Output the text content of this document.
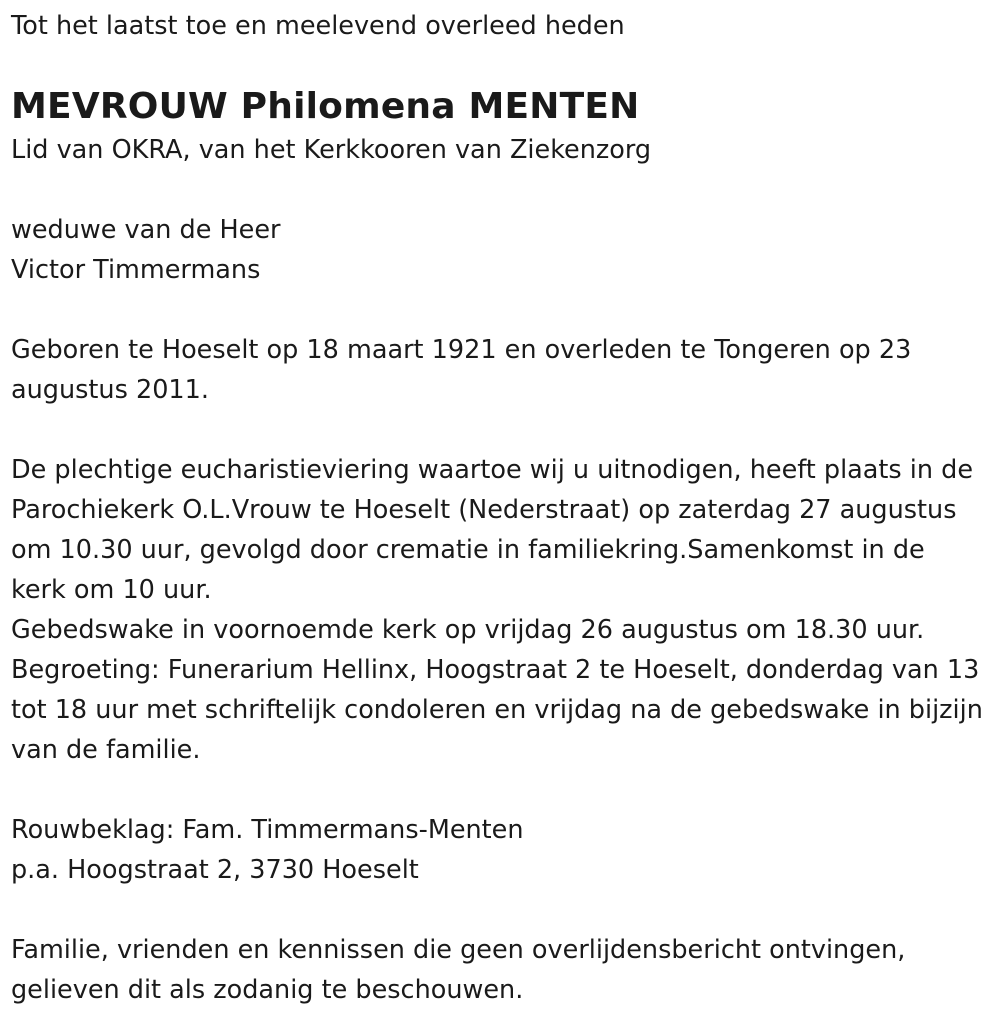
Tot het laatst toe en meelevend overleed heden
MEVROUW Philomena MENTEN

Lid van OKRA, van het Kerkkooren van Ziekenzorg

weduwe van de Heer

Victor Timmermans

Geboren te Hoeselt op 18 maart 1921 en overleden te Tongeren op 23 augustus 2011.

De plechtige eucharistieviering waartoe wij u uitnodigen, heeft plaats in de Parochiekerk O.L.Vrouw te Hoeselt (Nederstraat) op zaterdag 27 augustus om 10.30 uur, gevolgd door crematie in familiekring.Samenkomst in de kerk om 10 uur.

Gebedswake in voornoemde kerk op vrijdag 26 augustus om 18.30 uur.

Begroeting: Funerarium Hellinx, Hoogstraat 2 te Hoeselt, donderdag van 13 tot 18 uur met schriftelijk condoleren en vrijdag na de gebedswake in bijzijn van de familie.

Rouwbeklag: Fam. Timmermans-Menten

p.a. Hoogstraat 2, 3730 Hoeselt

Familie, vrienden en kennissen die geen overlijdensbericht ontvingen, gelieven dit als zodanig te beschouwen.
